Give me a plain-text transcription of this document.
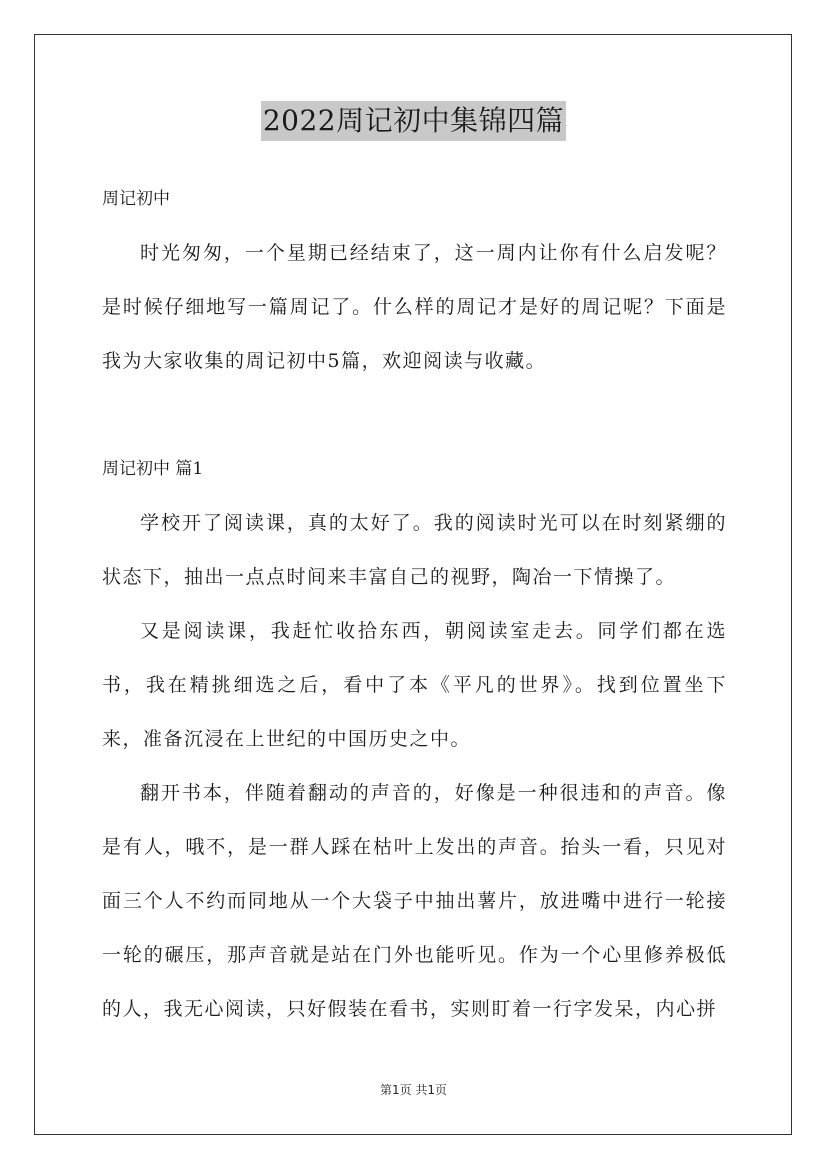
2022周记初中集锦四篇

周记初中

时光匆匆，一个星期已经结束了，这一周内让你有什么启发呢？是时候仔细地写一篇周记了。什么样的周记才是好的周记呢？下面是我为大家收集的周记初中5篇，欢迎阅读与收藏。

周记初中 篇1

学校开了阅读课，真的太好了。我的阅读时光可以在时刻紧绷的状态下，抽出一点点时间来丰富自己的视野，陶冶一下情操了。

又是阅读课，我赶忙收拾东西，朝阅读室走去。同学们都在选书，我在精挑细选之后，看中了本《平凡的世界》。找到位置坐下来，准备沉浸在上世纪的中国历史之中。

翻开书本，伴随着翻动的声音的，好像是一种很违和的声音。像是有人，哦不，是一群人踩在枯叶上发出的声音。抬头一看，只见对面三个人不约而同地从一个大袋子中抽出薯片，放进嘴中进行一轮接一轮的碾压，那声音就是站在门外也能听见。作为一个心里修养极低的人，我无心阅读，只好假装在看书，实则盯着一行字发呆，内心拼

第1页 共1页
